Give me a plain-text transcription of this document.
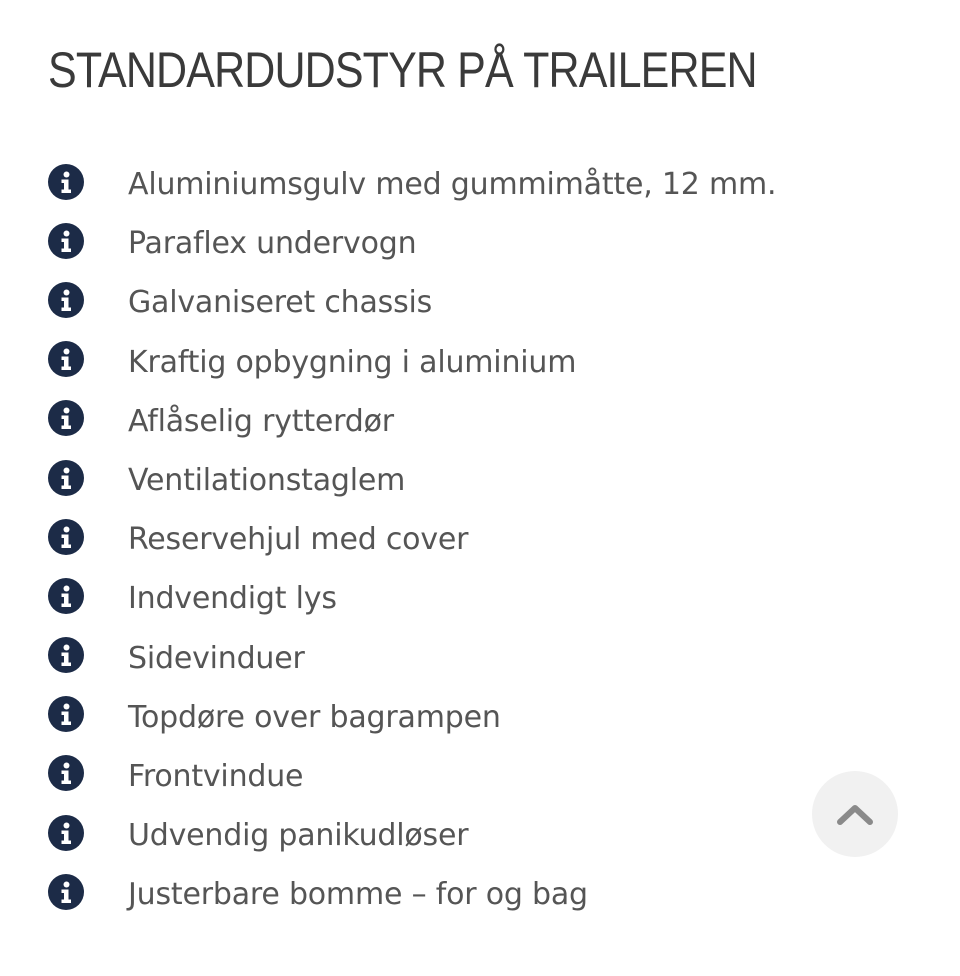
STANDARDUDSTYR PÅ TRAILEREN
Aluminiumsgulv med gummimåtte, 12 mm.
Paraflex undervogn
Galvaniseret chassis
Kraftig opbygning i aluminium
Aflåselig rytterdør
Ventilationstaglem
Reservehjul med cover
Indvendigt lys
Sidevinduer
Topdøre over bagrampen
Frontvindue
Udvendig panikudløser
Justerbare bomme – for og bag
